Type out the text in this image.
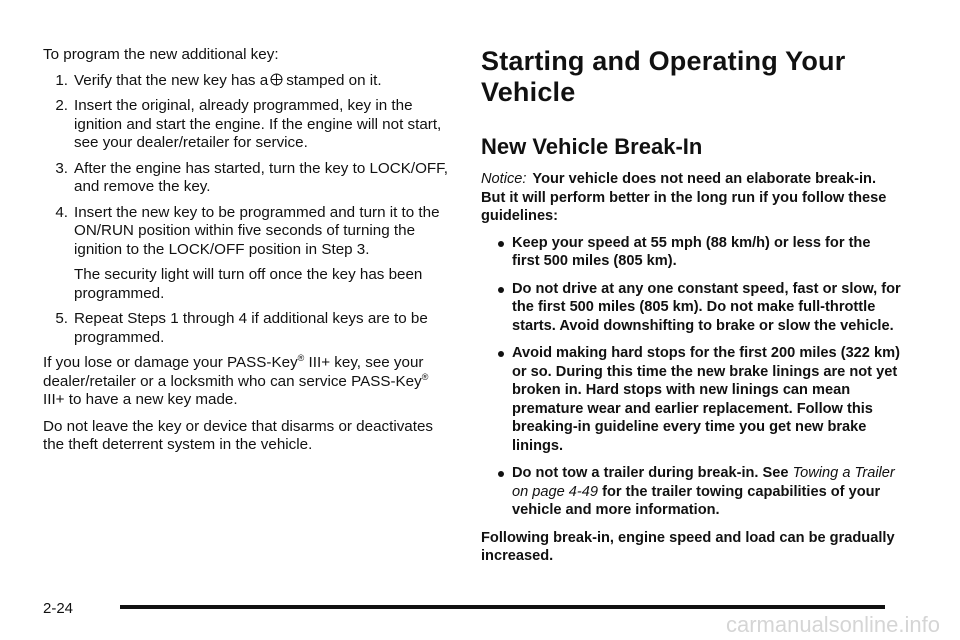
To program the new additional key:

1. Verify that the new key has a stamped on it.
2. Insert the original, already programmed, key in the ignition and start the engine. If the engine will not start, see your dealer/retailer for service.
3. After the engine has started, turn the key to LOCK/OFF, and remove the key.
4. Insert the new key to be programmed and turn it to the ON/RUN position within five seconds of turning the ignition to the LOCK/OFF position in Step 3.

The security light will turn off once the key has been programmed.

5. Repeat Steps 1 through 4 if additional keys are to be programmed.

If you lose or damage your PASS-Key® III+ key, see your dealer/retailer or a locksmith who can service PASS-Key® III+ to have a new key made.

Do not leave the key or device that disarms or deactivates the theft deterrent system in the vehicle.

Starting and Operating Your Vehicle
New Vehicle Break-In

Notice: Your vehicle does not need an elaborate break-in. But it will perform better in the long run if you follow these guidelines:

Keep your speed at 55 mph (88 km/h) or less for the first 500 miles (805 km).
Do not drive at any one constant speed, fast or slow, for the first 500 miles (805 km). Do not make full-throttle starts. Avoid downshifting to brake or slow the vehicle.
Avoid making hard stops for the first 200 miles (322 km) or so. During this time the new brake linings are not yet broken in. Hard stops with new linings can mean premature wear and earlier replacement. Follow this breaking-in guideline every time you get new brake linings.
Do not tow a trailer during break-in. See Towing a Trailer on page 4-49 for the trailer towing capabilities of your vehicle and more information.

Following break-in, engine speed and load can be gradually increased.

2-24
carmanualsonline.info
